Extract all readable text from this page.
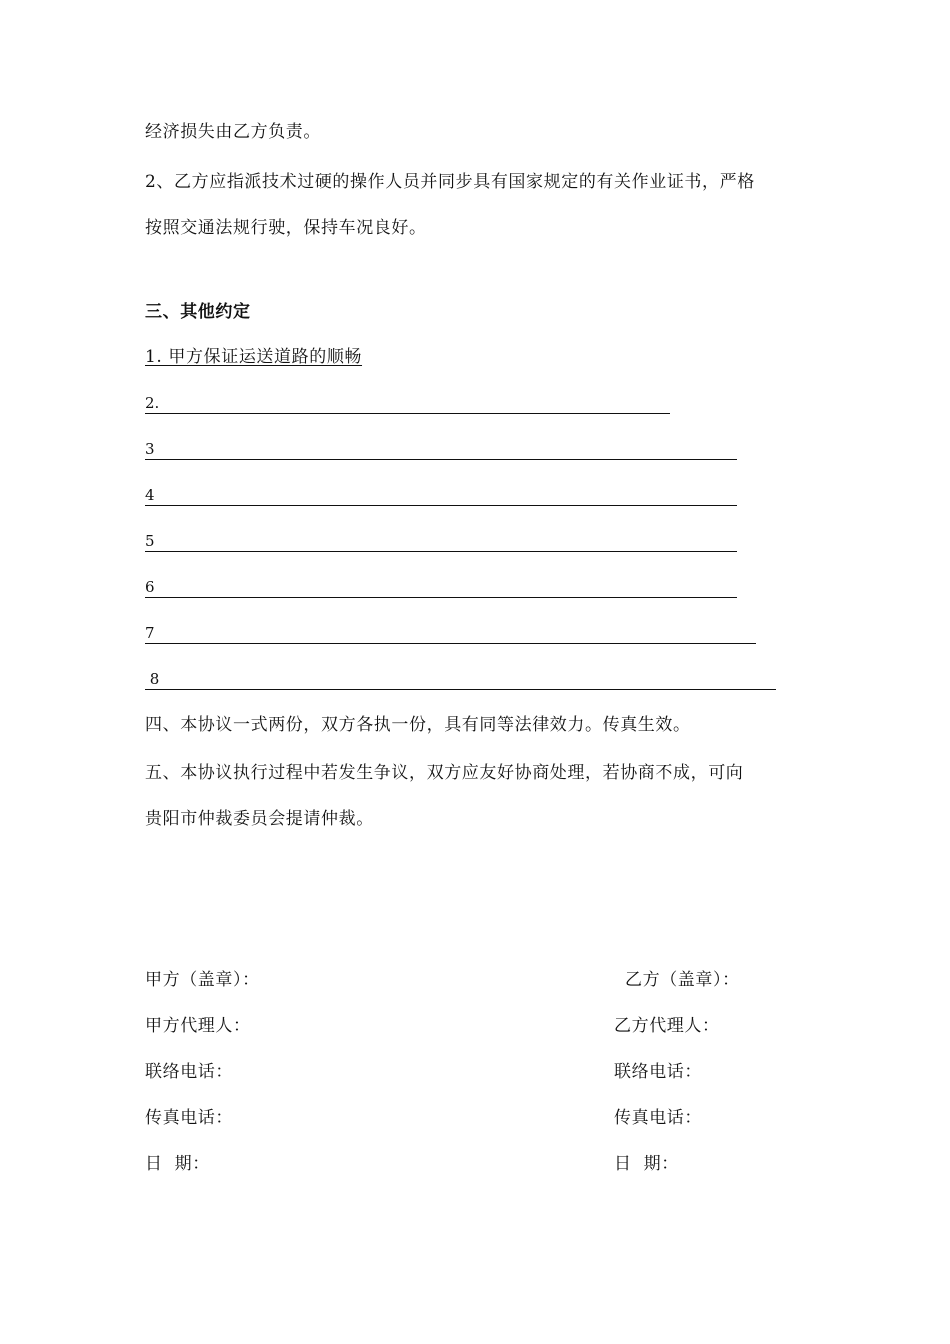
经济损失由乙方负责。
2、乙方应指派技术过硬的操作人员并同步具有国家规定的有关作业证书，严格
按照交通法规行驶，保持车况良好。
三、其他约定
1. 甲方保证运送道路的顺畅
2.
3
4
5
6
7
8
四、本协议一式两份，双方各执一份，具有同等法律效力。传真生效。
五、本协议执行过程中若发生争议，双方应友好协商处理，若协商不成，可向
贵阳市仲裁委员会提请仲裁。
甲方（盖章）：
甲方代理人：
联络电话：
传真电话：
日  期：
乙方（盖章）：
乙方代理人：
联络电话：
传真电话：
日  期：
